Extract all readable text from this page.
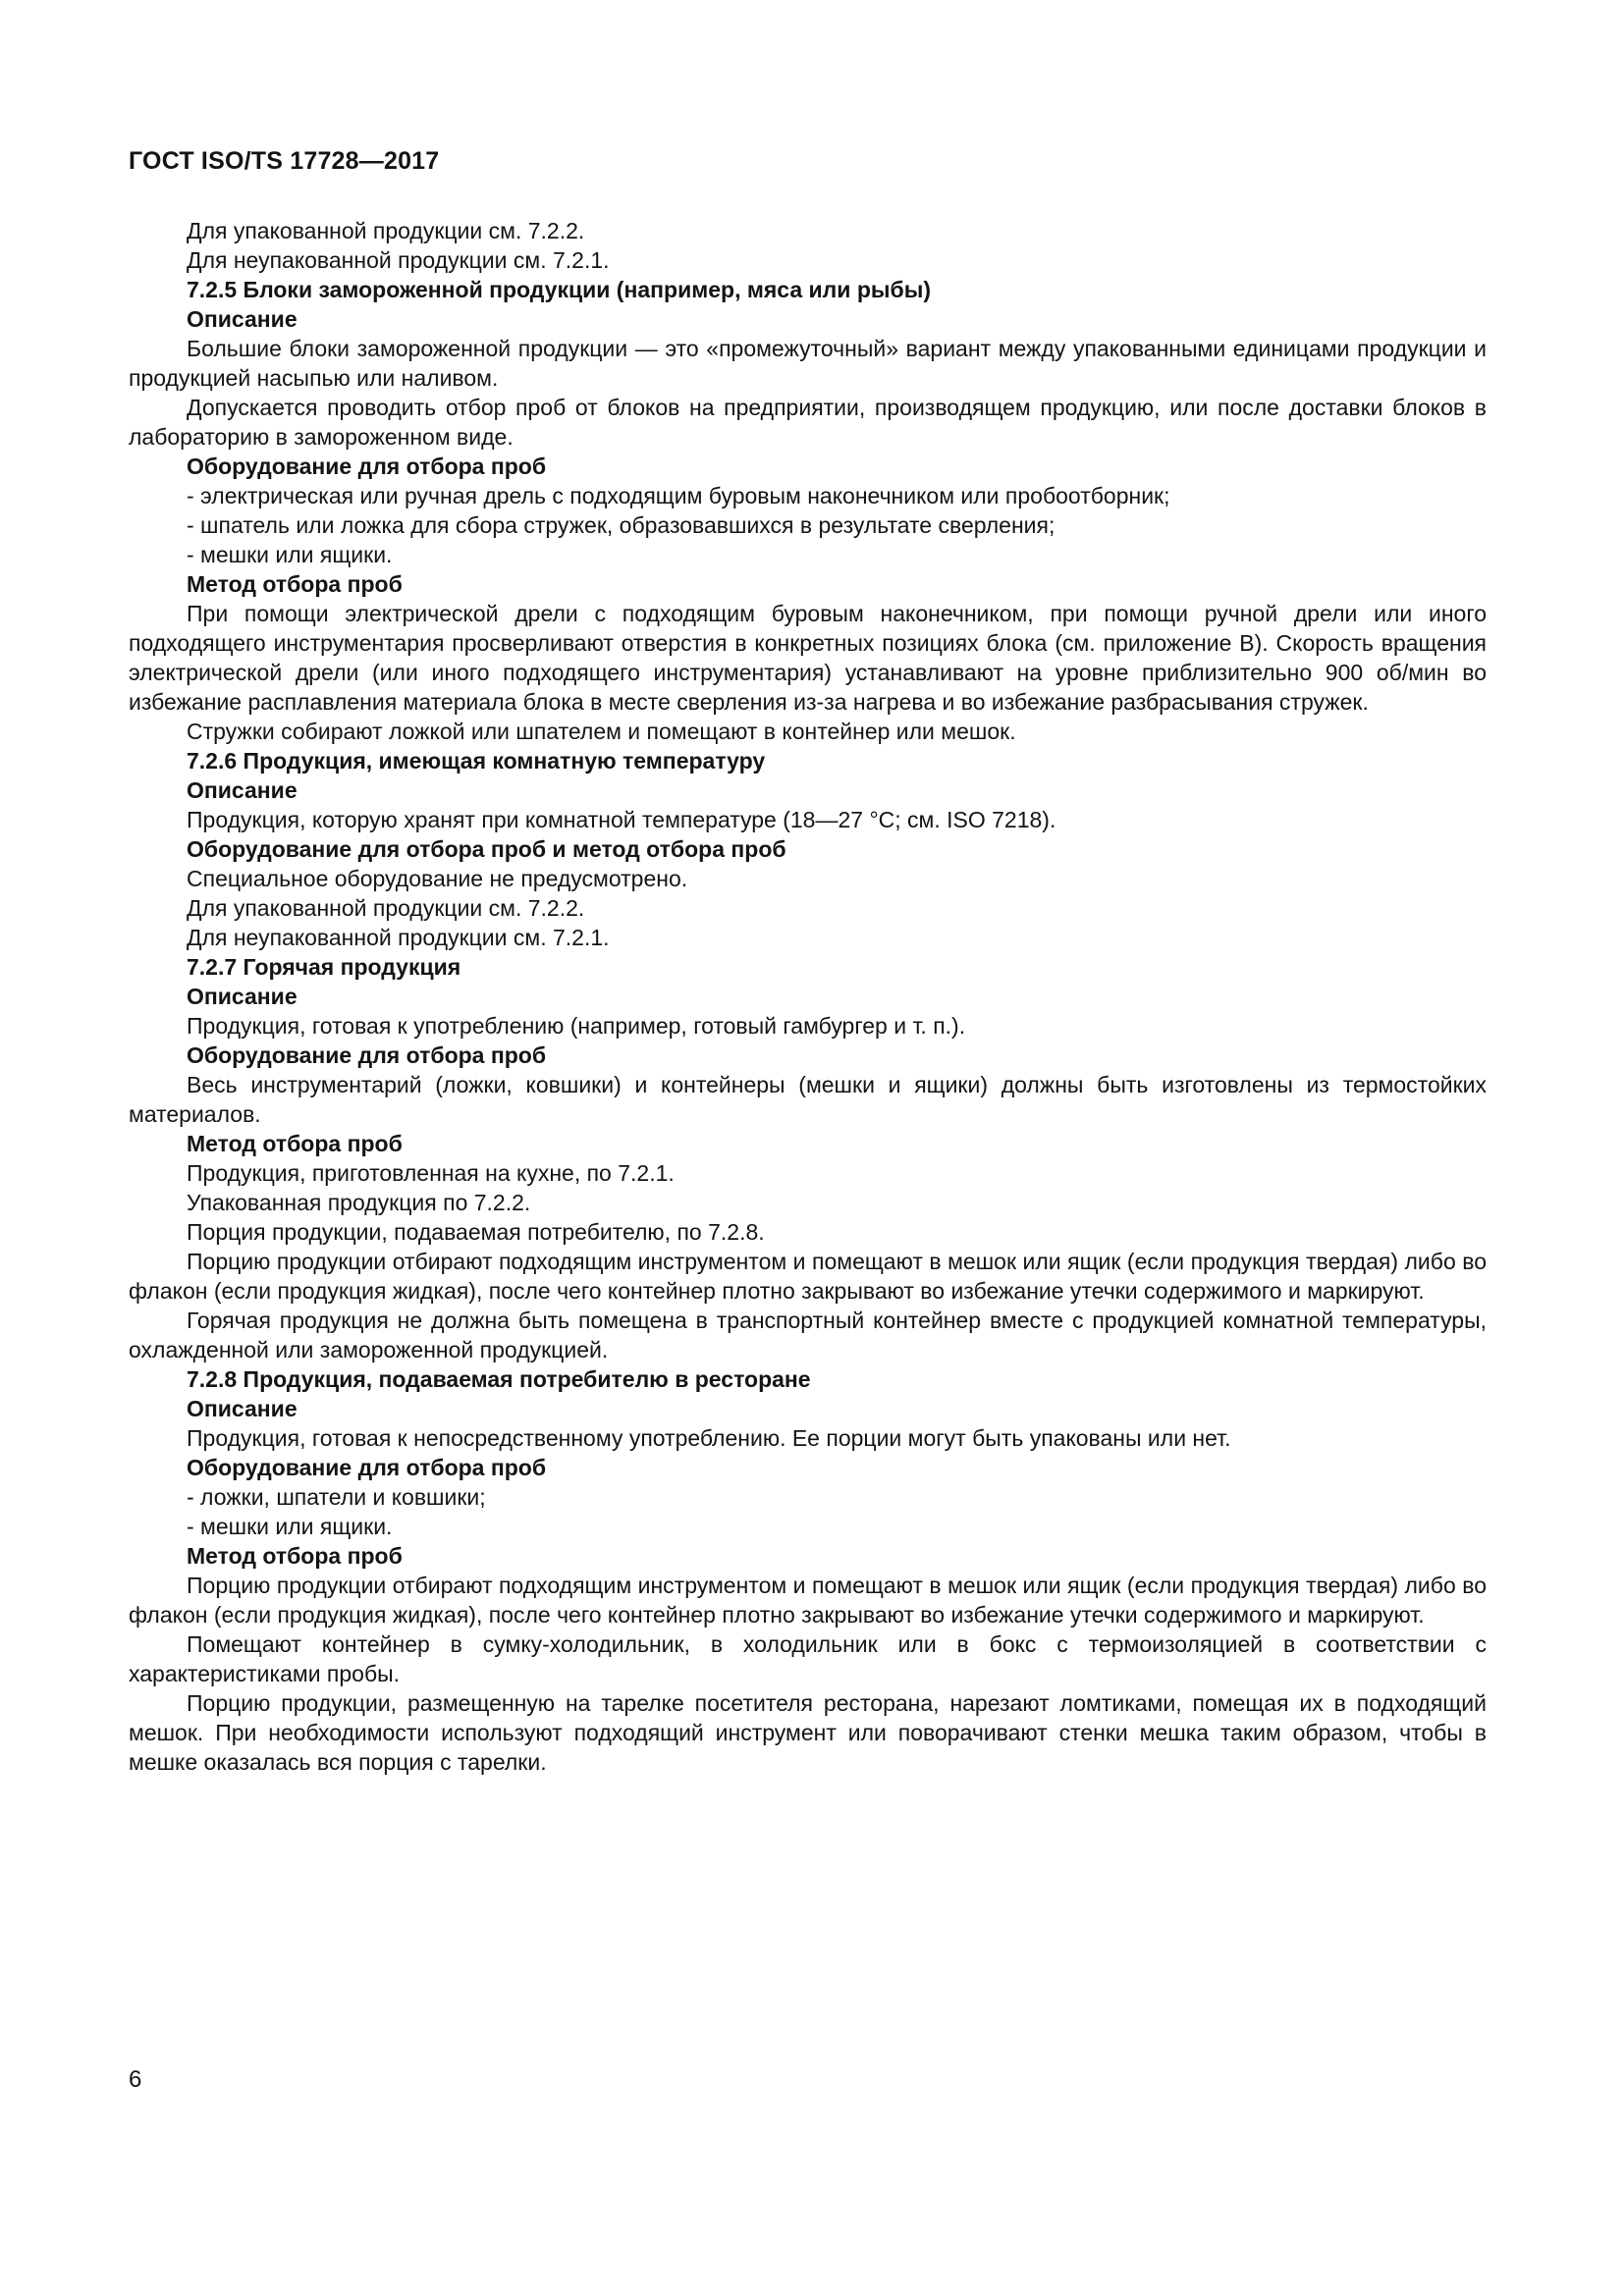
ГОСТ ISO/TS 17728—2017

Для упакованной продукции см. 7.2.2.

Для неупакованной продукции см. 7.2.1.

7.2.5 Блоки замороженной продукции (например, мяса или рыбы)

Описание

Большие блоки замороженной продукции — это «промежуточный» вариант между упакованными единицами продукции и продукцией насыпью или наливом.

Допускается проводить отбор проб от блоков на предприятии, производящем продукцию, или после доставки блоков в лабораторию в замороженном виде.

Оборудование для отбора проб

- электрическая или ручная дрель с подходящим буровым наконечником или пробоотборник;

- шпатель или ложка для сбора стружек, образовавшихся в результате сверления;

- мешки или ящики.

Метод отбора проб

При помощи электрической дрели с подходящим буровым наконечником, при помощи ручной дрели или иного подходящего инструментария просверливают отверстия в конкретных позициях блока (см. приложение В). Скорость вращения электрической дрели (или иного подходящего инструментария) устанавливают на уровне приблизительно 900 об/мин во избежание расплавления материала блока в месте сверления из-за нагрева и во избежание разбрасывания стружек.

Стружки собирают ложкой или шпателем и помещают в контейнер или мешок.

7.2.6 Продукция, имеющая комнатную температуру

Описание

Продукция, которую хранят при комнатной температуре (18—27 °C; см. ISO 7218).

Оборудование для отбора проб и метод отбора проб

Специальное оборудование не предусмотрено.

Для упакованной продукции см. 7.2.2.

Для неупакованной продукции см. 7.2.1.

7.2.7 Горячая продукция

Описание

Продукция, готовая к употреблению (например, готовый гамбургер и т. п.).

Оборудование для отбора проб

Весь инструментарий (ложки, ковшики) и контейнеры (мешки и ящики) должны быть изготовлены из термостойких материалов.

Метод отбора проб

Продукция, приготовленная на кухне, по 7.2.1.

Упакованная продукция по 7.2.2.

Порция продукции, подаваемая потребителю, по 7.2.8.

Порцию продукции отбирают подходящим инструментом и помещают в мешок или ящик (если продукция твердая) либо во флакон (если продукция жидкая), после чего контейнер плотно закрывают во избежание утечки содержимого и маркируют.

Горячая продукция не должна быть помещена в транспортный контейнер вместе с продукцией комнатной температуры, охлажденной или замороженной продукцией.

7.2.8 Продукция, подаваемая потребителю в ресторане

Описание

Продукция, готовая к непосредственному употреблению. Ее порции могут быть упакованы или нет.

Оборудование для отбора проб

- ложки, шпатели и ковшики;

- мешки или ящики.

Метод отбора проб

Порцию продукции отбирают подходящим инструментом и помещают в мешок или ящик (если продукция твердая) либо во флакон (если продукция жидкая), после чего контейнер плотно закрывают во избежание утечки содержимого и маркируют.

Помещают контейнер в сумку-холодильник, в холодильник или в бокс с термоизоляцией в соответствии с характеристиками пробы.

Порцию продукции, размещенную на тарелке посетителя ресторана, нарезают ломтиками, помещая их в подходящий мешок. При необходимости используют подходящий инструмент или поворачивают стенки мешка таким образом, чтобы в мешке оказалась вся порция с тарелки.

6
